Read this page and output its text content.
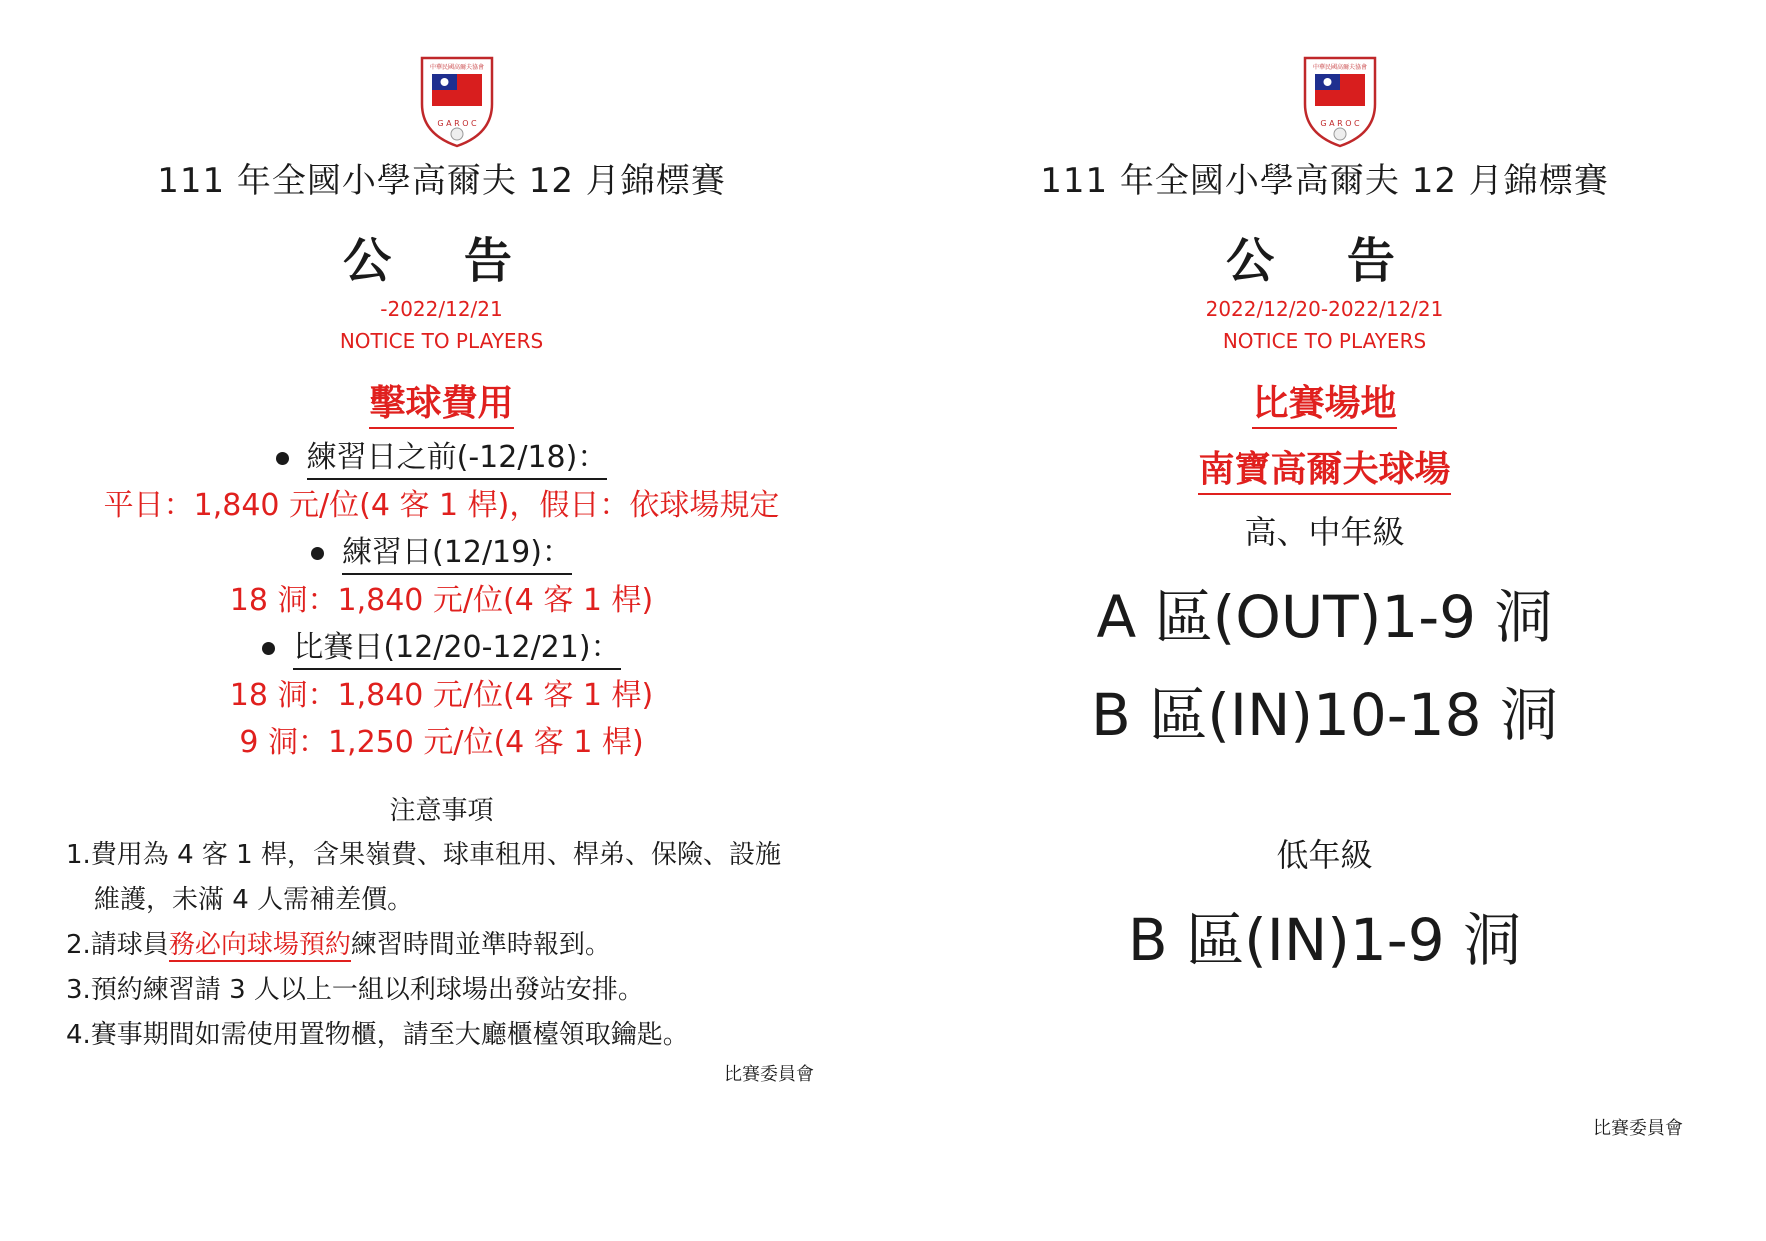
中華民國高爾夫協會
G A R O C
111 年全國小學高爾夫 12 月錦標賽
公 告
-2022/12/21
NOTICE TO PLAYERS
擊球費用
練習日之前(-12/18)：
平日：1,840 元/位(4 客 1 桿)，假日：依球場規定
練習日(12/19)：
18 洞：1,840 元/位(4 客 1 桿)
比賽日(12/20-12/21)：
18 洞：1,840 元/位(4 客 1 桿)
9 洞：1,250 元/位(4 客 1 桿)
注意事項
1.費用為 4 客 1 桿，含果嶺費、球車租用、桿弟、保險、設施
維護，未滿 4 人需補差價。
2.請球員務必向球場預約練習時間並準時報到。
3.預約練習請 3 人以上一組以利球場出發站安排。
4.賽事期間如需使用置物櫃，請至大廳櫃檯領取鑰匙。
比賽委員會
中華民國高爾夫協會
G A R O C
111 年全國小學高爾夫 12 月錦標賽
公 告
2022/12/20-2022/12/21
NOTICE TO PLAYERS
比賽場地
南寶高爾夫球場
高、中年級
A 區(OUT)1-9 洞
B 區(IN)10-18 洞
低年級
B 區(IN)1-9 洞
比賽委員會
